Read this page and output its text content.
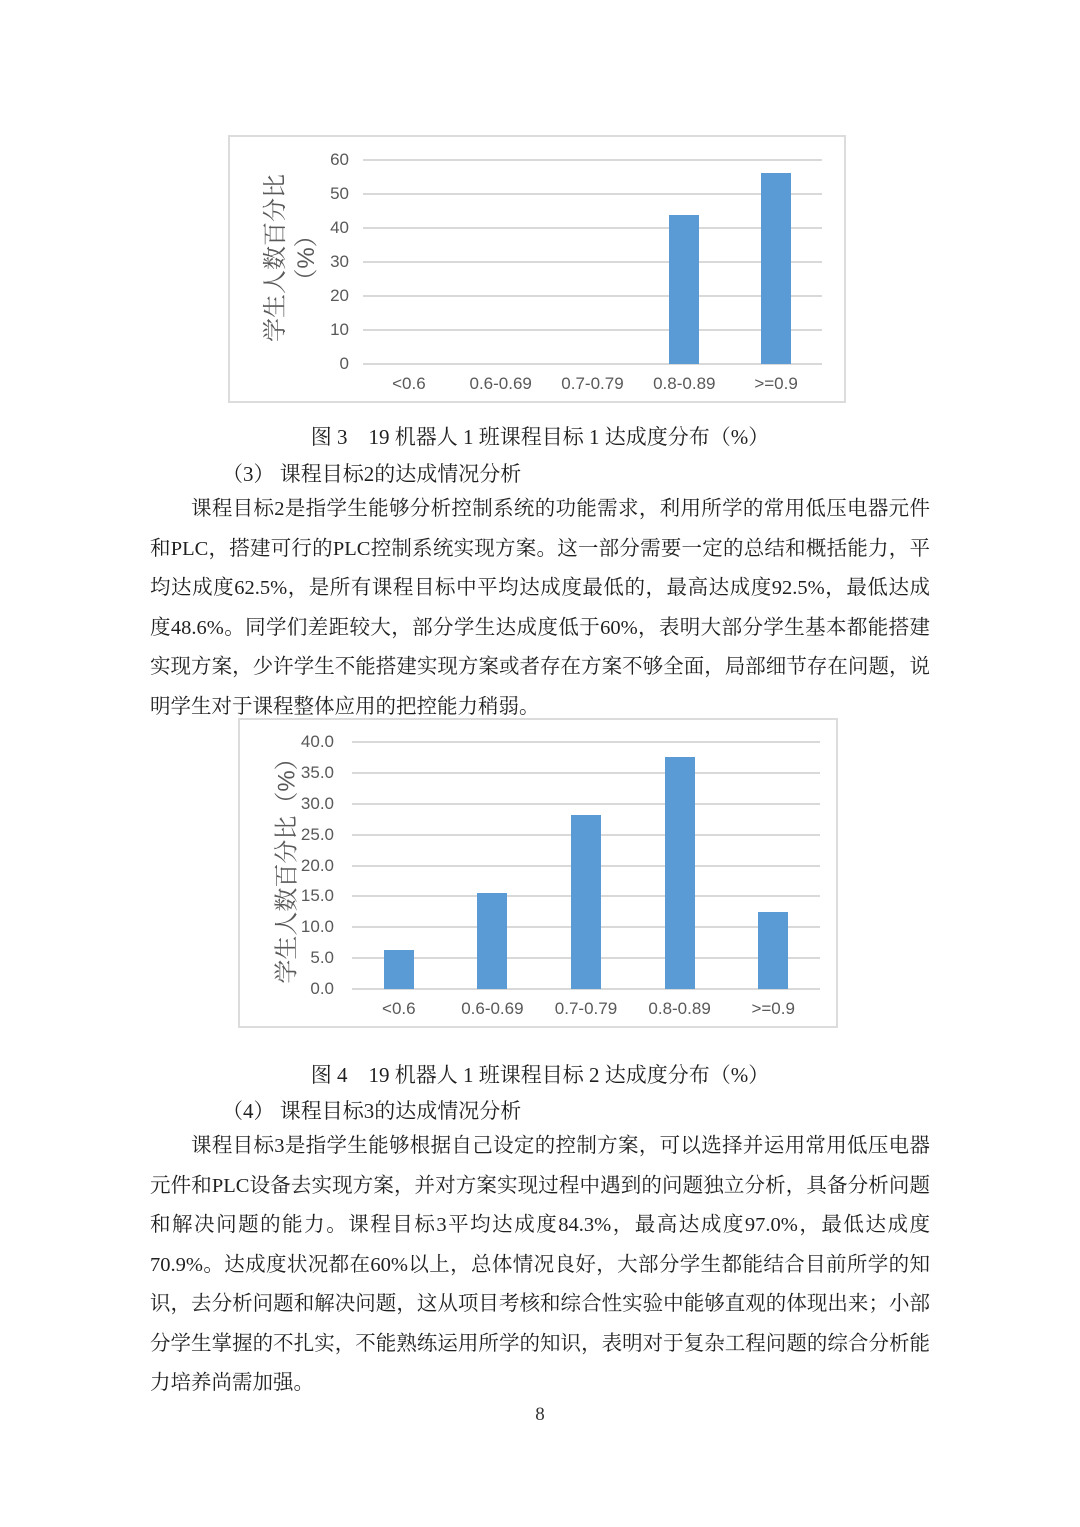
0
10
20
30
40
50
60
<0.6	0.6-0.69	0.7-0.79	0.8-0.89	>=0.9
学生人数百分比 （%）
图 3　19 机器人 1 班课程目标 1 达成度分布（%）
（3） 课程目标2的达成情况分析
课程目标2是指学生能够分析控制系统的功能需求，利用所学的常用低压电器元件和PLC，搭建可行的PLC控制系统实现方案。这一部分需要一定的总结和概括能力，平均达成度62.5%，是所有课程目标中平均达成度最低的，最高达成度92.5%，最低达成度48.6%。同学们差距较大，部分学生达成度低于60%，表明大部分学生基本都能搭建实现方案，少许学生不能搭建实现方案或者存在方案不够全面，局部细节存在问题，说明学生对于课程整体应用的把控能力稍弱。
0.0
5.0
10.0
15.0
20.0
25.0
30.0
35.0
40.0
<0.6	0.6-0.69	0.7-0.79	0.8-0.89	>=0.9
学生人数百分比（%）
图 4　19 机器人 1 班课程目标 2 达成度分布（%）
（4） 课程目标3的达成情况分析
课程目标3是指学生能够根据自己设定的控制方案，可以选择并运用常用低压电器元件和PLC设备去实现方案，并对方案实现过程中遇到的问题独立分析，具备分析问题和解决问题的能力。课程目标3平均达成度84.3%，最高达成度97.0%，最低达成度70.9%。达成度状况都在60%以上，总体情况良好，大部分学生都能结合目前所学的知识，去分析问题和解决问题，这从项目考核和综合性实验中能够直观的体现出来；小部分学生掌握的不扎实，不能熟练运用所学的知识，表明对于复杂工程问题的综合分析能力培养尚需加强。
8
